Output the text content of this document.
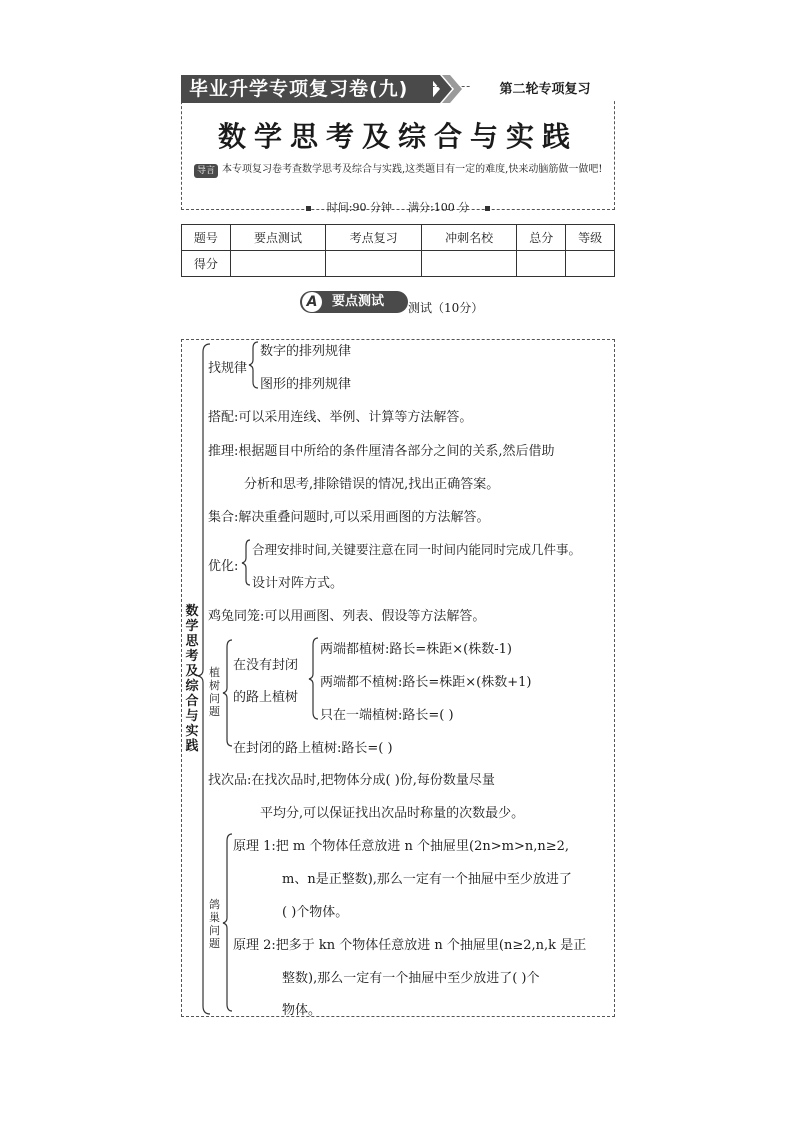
毕业升学专项复习卷(九)	第二轮专项复习
数学思考及综合与实践
导言 本专项复习卷考查数学思考及综合与实践,这类题目有一定的难度,快来动脑筋做一做吧!
时间:90 分钟 满分:100 分
题号	要点测试	考点复习	冲刺名校	总分	等级
得分					
A	要点测试 测试（10分）
数学思考及综合与实践
找规律
数字的排列规律
图形的排列规律
搭配:可以采用连线、举例、计算等方法解答。
推理:根据题目中所给的条件厘清各部分之间的关系,然后借助
分析和思考,排除错误的情况,找出正确答案。
集合:解决重叠问题时,可以采用画图的方法解答。
优化:
合理安排时间,关键要注意在同一时间内能同时完成几件事。
设计对阵方式。
鸡兔同笼:可以用画图、列表、假设等方法解答。
植树问题
在没有封闭
的路上植树
两端都植树:路长=株距×(株数-1)
两端都不植树:路长=株距×(株数+1)
只在一端植树:路长=( )
在封闭的路上植树:路长=( )
找次品:在找次品时,把物体分成( )份,每份数量尽量
平均分,可以保证找出次品时称量的次数最少。
鸽巢问题
原理 1:把 m 个物体任意放进 n 个抽屉里(2n>m>n,n≥2,
m、n是正整数),那么一定有一个抽屉中至少放进了
( )个物体。
原理 2:把多于 kn 个物体任意放进 n 个抽屉里(n≥2,n,k 是正
整数),那么一定有一个抽屉中至少放进了( )个
物体。
